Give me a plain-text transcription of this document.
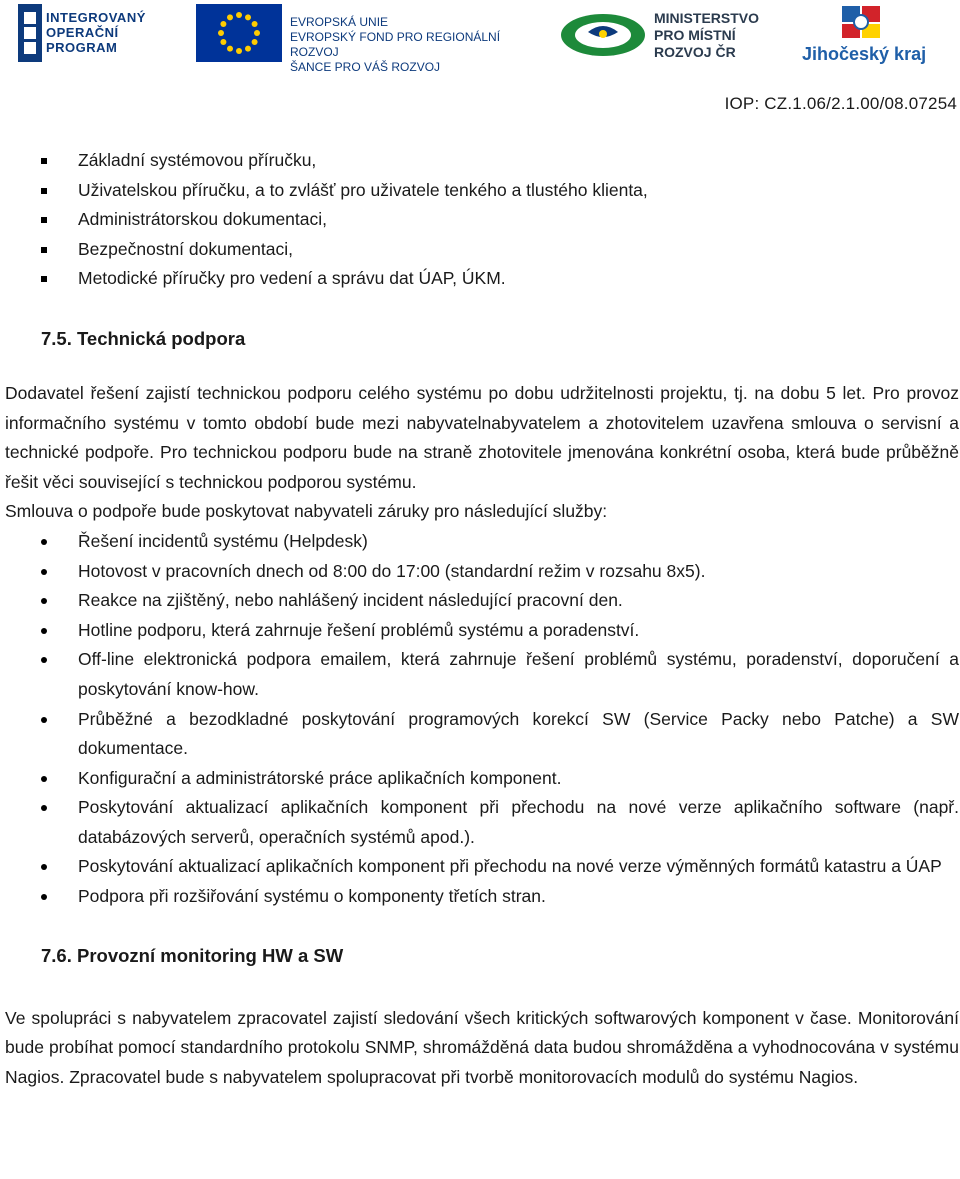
INTEGROVANÝ
OPERAČNÍ
PROGRAM
EVROPSKÁ UNIE
EVROPSKÝ FOND PRO REGIONÁLNÍ ROZVOJ
ŠANCE PRO VÁŠ ROZVOJ
MINISTERSTVO
PRO MÍSTNÍ
ROZVOJ ČR	Jihočeský kraj
IOP: CZ.1.06/2.1.00/08.07254
Základní systémovou příručku,
Uživatelskou příručku, a to zvlášť pro uživatele tenkého a tlustého klienta,
Administrátorskou dokumentaci,
Bezpečnostní dokumentaci,
Metodické příručky pro vedení a správu dat ÚAP, ÚKM.
7.5. Technická podpora

Dodavatel řešení zajistí technickou podporu celého systému po dobu udržitelnosti projektu, tj. na dobu 5 let. Pro provoz informačního systému v tomto období bude mezi nabyvatelnabyvatelem a zhotovitelem uzavřena smlouva o servisní a technické podpoře. Pro technickou podporu bude na straně zhotovitele jmenována konkrétní osoba, která bude průběžně řešit věci související s technickou podporou systému.

Smlouva o podpoře bude poskytovat nabyvateli záruky pro následující služby:

Řešení incidentů systému (Helpdesk)
Hotovost v pracovních dnech od 8:00 do 17:00 (standardní režim v rozsahu 8x5).
Reakce na zjištěný, nebo nahlášený incident následující pracovní den.
Hotline podporu, která zahrnuje řešení problémů systému a poradenství.
Off-line elektronická podpora emailem, která zahrnuje řešení problémů systému, poradenství, doporučení a poskytování know-how.
Průběžné a bezodkladné poskytování programových korekcí SW (Service Packy nebo Patche) a SW dokumentace.
Konfigurační a administrátorské práce aplikačních komponent.
Poskytování aktualizací aplikačních komponent při přechodu na nové verze aplikačního software (např. databázových serverů, operačních systémů apod.).
Poskytování aktualizací aplikačních komponent při přechodu na nové verze výměnných formátů katastru a ÚAP
Podpora při rozšiřování systému o komponenty třetích stran.
7.6. Provozní monitoring HW a SW

Ve spolupráci s nabyvatelem zpracovatel zajistí sledování všech kritických softwarových komponent v čase. Monitorování bude probíhat pomocí standardního protokolu SNMP, shromážděná data budou shromážděna a vyhodnocována v systému Nagios. Zpracovatel bude s nabyvatelem spolupracovat při tvorbě monitorovacích modulů do systému Nagios.
